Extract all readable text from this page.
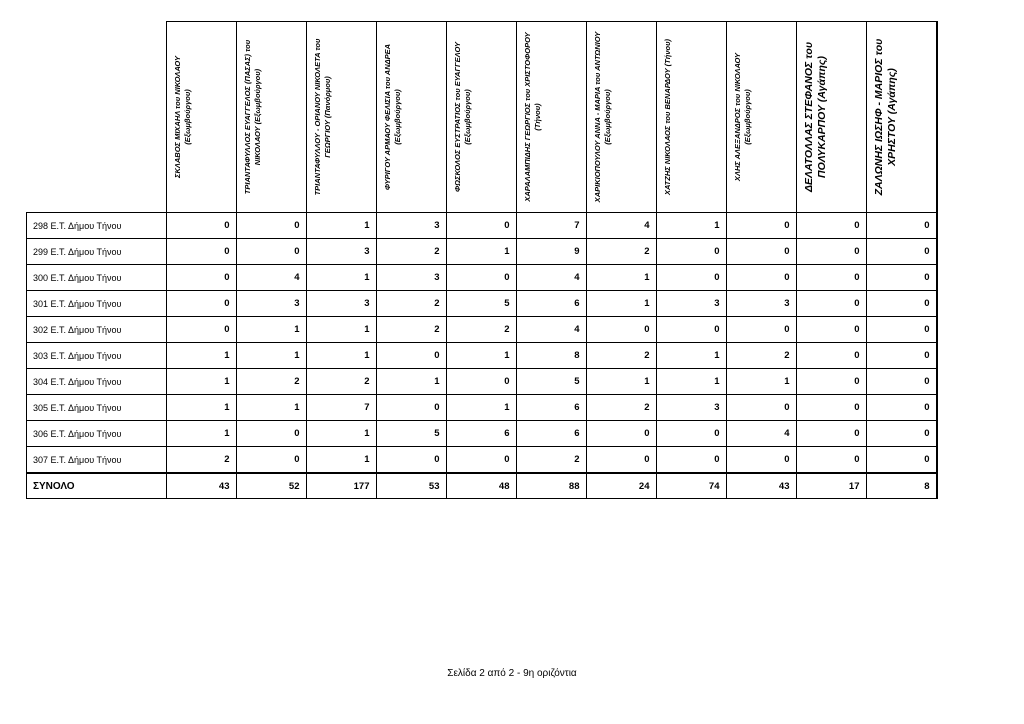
	ΣΚΛΑΒΟΣ ΜΙΧΑΗΛ του ΝΙΚΟΛΑΟΥ (Εξωμβούργου)	ΤΡΙΑΝΤΑΦΥΛΛΟΣ ΕΥΑΓΓΕΛΟΣ (ΠΑΣΑΣ) του ΝΙΚΟΛΑΟΥ (Εξωμβούργου)	ΤΡΙΑΝΤΑΦΥΛΛΟΥ - ΟΡΙΑΝΟΥ ΝΙΚΟΛΕΤΑ του ΓΕΩΡΓΙΟΥ (Πανόρμου)	ΦΥΡΙΓΟΥ ΑΡΜΑΟΥ ΦΕΛΙΣΙΑ του ΑΝΔΡΕΑ (Εξωμβούργου)	ΦΩΣΚΟΛΟΣ ΕΥΣΤΡΑΤΙΟΣ του ΕΥΑΓΓΕΛΟΥ (Εξωμβούργου)	ΧΑΡΑΛΑΜΠΙΔΗΣ ΓΕΩΡΓΙΟΣ του ΧΡΙΣΤΟΦΟΡΟΥ (Τήνου)	ΧΑΡΙΚΙΟΠΟΥΛΟΥ ΑΝΝΑ - ΜΑΡΙΑ του ΑΝΤΩΝΙΟΥ (Εξωμβούργου)	ΧΑΤΖΗΣ ΝΙΚΟΛΑΟΣ του ΒΕΝΑΡΔΟΥ (Τήνου)	ΧΛΗΣ ΑΛΕΞΑΝΔΡΟΣ του ΝΙΚΟΛΑΟΥ (Εξωμβούργου)	ΔΕΛΑΤΟΛΛΑΣ ΣΤΕΦΑΝΟΣ του ΠΟΛΥΚΑΡΠΟΥ (Αγάπης)	ΖΑΛΩΝΗΣ ΙΩΣΗΦ - ΜΑΡΙΟΣ του ΧΡΗΣΤΟΥ (Αγάπης)

298 Ε.Τ. Δήμου Τήνου	0	0	1	3	0	7	4	1	0	0	0
299 Ε.Τ. Δήμου Τήνου	0	0	3	2	1	9	2	0	0	0	0
300 Ε.Τ. Δήμου Τήνου	0	4	1	3	0	4	1	0	0	0	0
301 Ε.Τ. Δήμου Τήνου	0	3	3	2	5	6	1	3	3	0	0
302 Ε.Τ. Δήμου Τήνου	0	1	1	2	2	4	0	0	0	0	0
303 Ε.Τ. Δήμου Τήνου	1	1	1	0	1	8	2	1	2	0	0
304 Ε.Τ. Δήμου Τήνου	1	2	2	1	0	5	1	1	1	0	0
305 Ε.Τ. Δήμου Τήνου	1	1	7	0	1	6	2	3	0	0	0
306 Ε.Τ. Δήμου Τήνου	1	0	1	5	6	6	0	0	4	0	0
307 Ε.Τ. Δήμου Τήνου	2	0	1	0	0	2	0	0	0	0	0
ΣΥΝΟΛΟ	43	52	177	53	48	88	24	74	43	17	8
Σελίδα 2 από 2 - 9η οριζόντια
